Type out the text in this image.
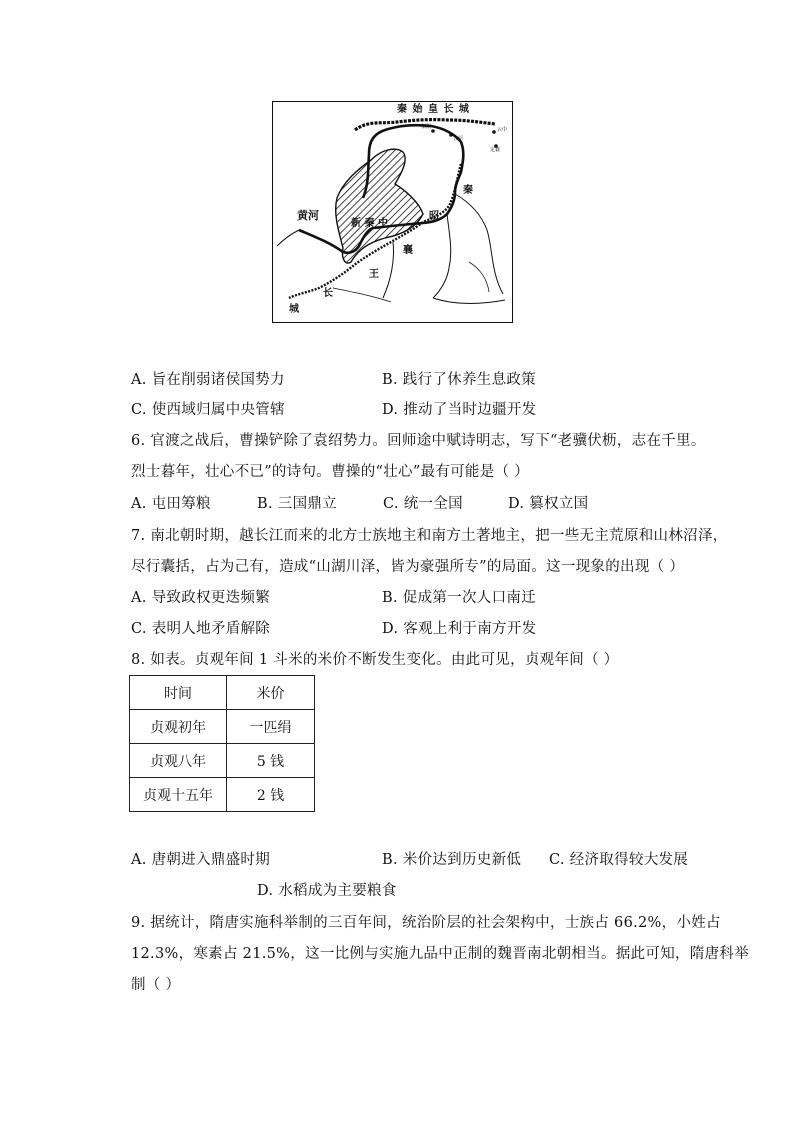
秦 始 皇 长 城
黄河
新 秦 中
秦
昭
襄
王
长
城
稒阳	云中
五原
定襄
A. 旨在削弱诸侯国势力	B. 践行了休养生息政策
C. 使西域归属中央管辖	D. 推动了当时边疆开发
6. 官渡之战后，曹操铲除了袁绍势力。回师途中赋诗明志，写下“老骥伏枥，志在千里。
烈士暮年，壮心不已”的诗句。曹操的“壮心”最有可能是（ ）
A. 屯田筹粮	B. 三国鼎立	C. 统一全国	D. 篡权立国
7. 南北朝时期，越长江而来的北方士族地主和南方土著地主，把一些无主荒原和山林沼泽，
尽行囊括，占为己有，造成“山湖川泽，皆为豪强所专”的局面。这一现象的出现（ ）
A. 导致政权更迭频繁	B. 促成第一次人口南迁
C. 表明人地矛盾解除	D. 客观上利于南方开发
8. 如表。贞观年间 1 斗米的米价不断发生变化。由此可见，贞观年间（ ）
时间	米价
贞观初年	一匹绢
贞观八年	5 钱
贞观十五年	2 钱
A. 唐朝进入鼎盛时期	B. 米价达到历史新低 C. 经济取得较大发展
D. 水稻成为主要粮食
9. 据统计，隋唐实施科举制的三百年间，统治阶层的社会架构中，士族占 66.2%，小姓占
12.3%，寒素占 21.5%，这一比例与实施九品中正制的魏晋南北朝相当。据此可知，隋唐科举
制（ ）
